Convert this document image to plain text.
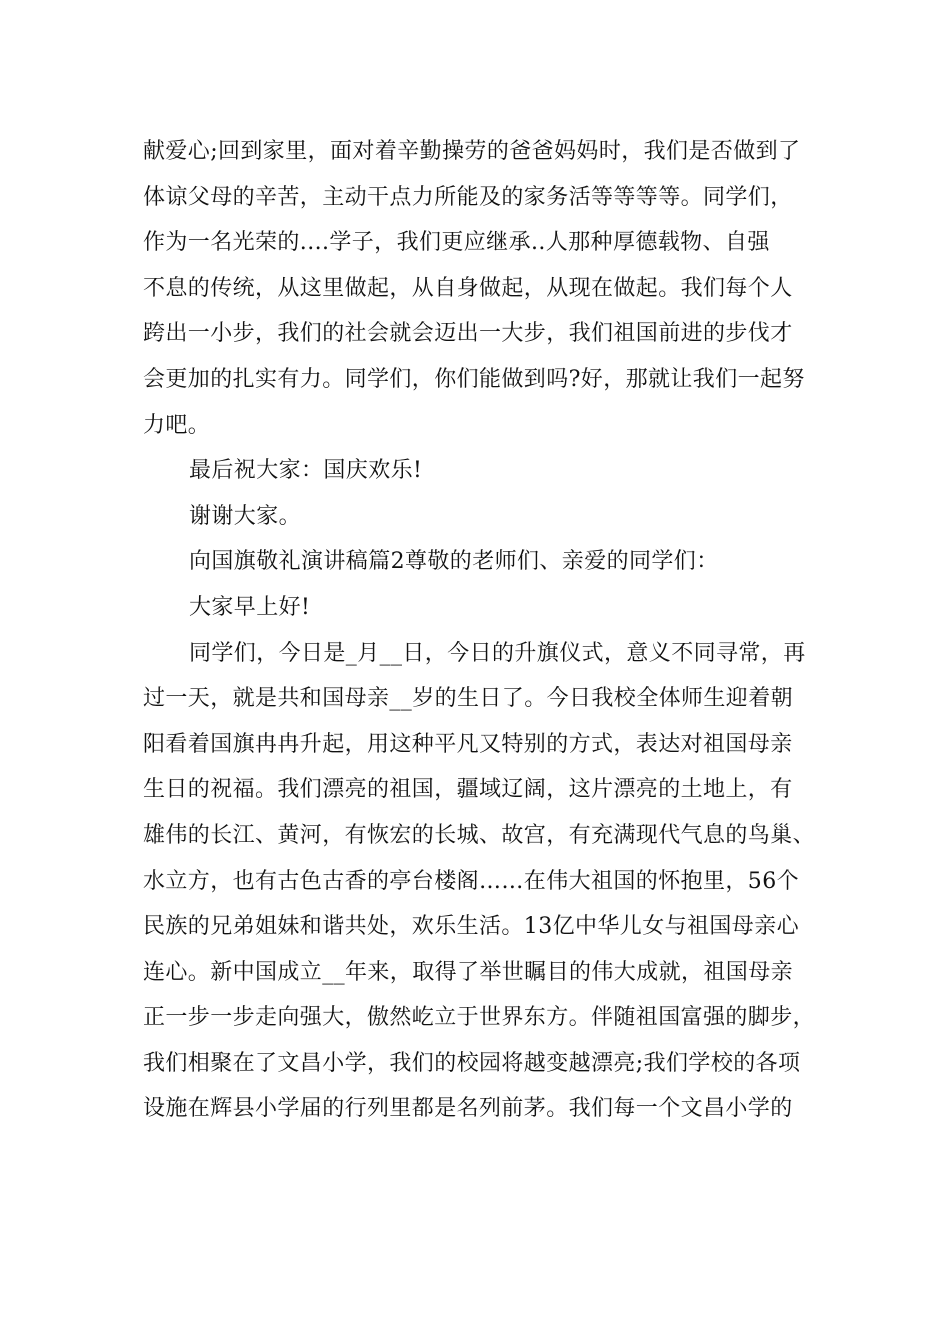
献爱心;回到家里，面对着辛勤操劳的爸爸妈妈时，我们是否做到了
体谅父母的辛苦，主动干点力所能及的家务活等等等等。同学们，
作为一名光荣的....学子，我们更应继承..人那种厚德载物、自强
不息的传统，从这里做起，从自身做起，从现在做起。我们每个人
跨出一小步，我们的社会就会迈出一大步，我们祖国前进的步伐才
会更加的扎实有力。同学们，你们能做到吗?好，那就让我们一起努
力吧。
最后祝大家：国庆欢乐!
谢谢大家。
向国旗敬礼演讲稿篇2尊敬的老师们、亲爱的同学们：
大家早上好!
同学们，今日是_月__日，今日的升旗仪式，意义不同寻常，再
过一天，就是共和国母亲__岁的生日了。今日我校全体师生迎着朝
阳看着国旗冉冉升起，用这种平凡又特别的方式，表达对祖国母亲
生日的祝福。我们漂亮的祖国，疆域辽阔，这片漂亮的土地上，有
雄伟的长江、黄河，有恢宏的长城、故宫，有充满现代气息的鸟巢、
水立方，也有古色古香的亭台楼阁……在伟大祖国的怀抱里，56个
民族的兄弟姐妹和谐共处，欢乐生活。13亿中华儿女与祖国母亲心
连心。新中国成立__年来，取得了举世瞩目的伟大成就，祖国母亲
正一步一步走向强大，傲然屹立于世界东方。伴随祖国富强的脚步，
我们相聚在了文昌小学，我们的校园将越变越漂亮;我们学校的各项
设施在辉县小学届的行列里都是名列前茅。我们每一个文昌小学的
